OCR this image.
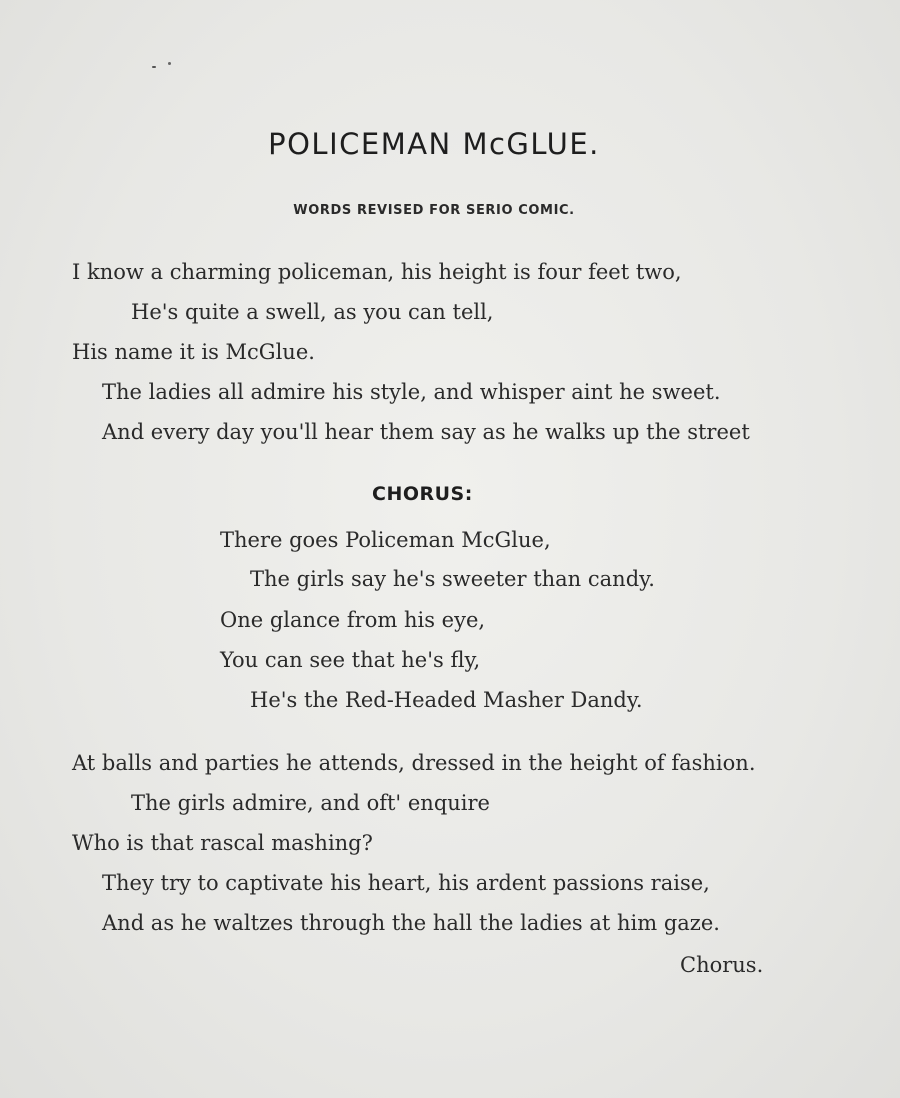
POLICEMAN McGLUE.
WORDS REVISED FOR SERIO COMIC.
I know a charming policeman, his height is four feet two,
He's quite a swell, as you can tell,
His name it is McGlue.
The ladies all admire his style, and whisper aint he sweet.
And every day you'll hear them say as he walks up the street
CHORUS:
There goes Policeman McGlue,
The girls say he's sweeter than candy.
One glance from his eye,
You can see that he's fly,
He's the Red-Headed Masher Dandy.
At balls and parties he attends, dressed in the height of fashion.
The girls admire, and oft' enquire
Who is that rascal mashing?
They try to captivate his heart, his ardent passions raise,
And as he waltzes through the hall the ladies at him gaze.
Chorus.
